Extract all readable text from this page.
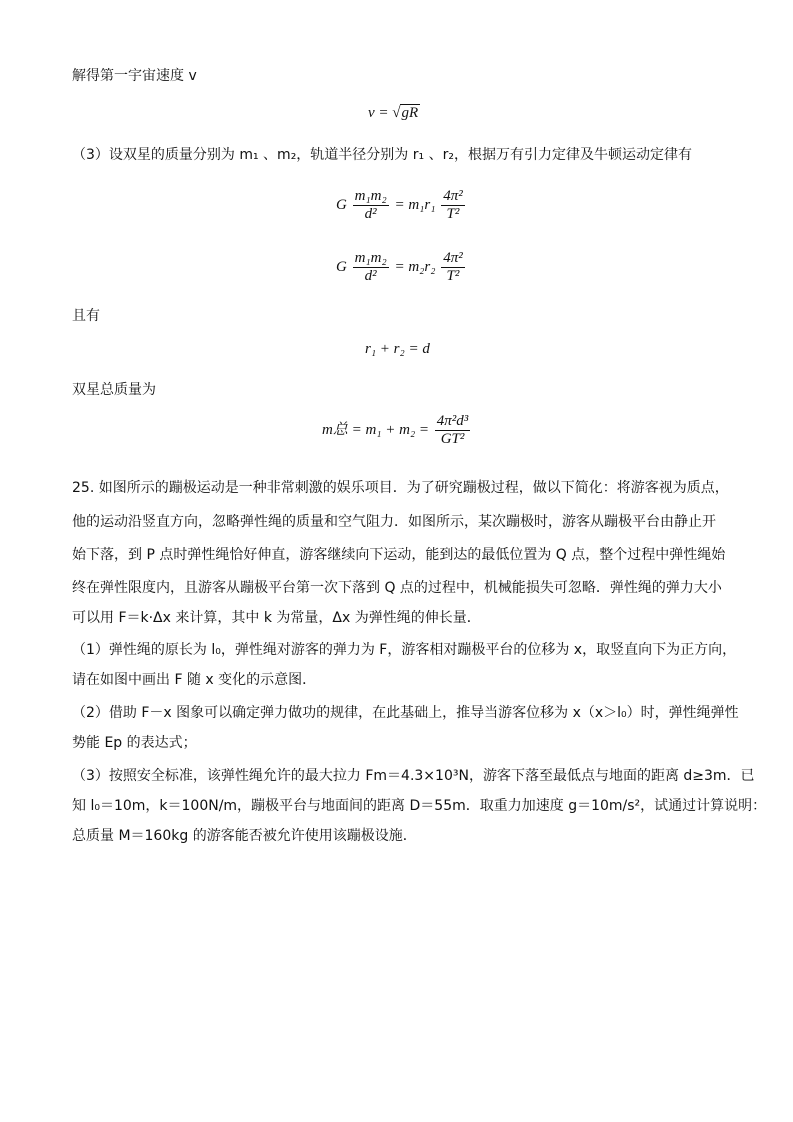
解得第一宇宙速度 v
v = √gR
（3）设双星的质量分别为 m₁ 、m₂，轨道半径分别为 r₁ 、r₂，根据万有引力定律及牛顿运动定律有
G $\frac{\text{m₁m₂}}{\text{d²}} = m_1r_1 \frac{\text{4π²}}{\text{T²}}$
G $\frac{\text{m₁m₂}}{\text{d²}} = m_2r_2 \frac{\text{4π²}}{\text{T²}}$
且有
r₁ + r₂ = d
双星总质量为
m总 = $m_1 + m_2 = \frac{\text{4π²d³}}{\text{GT²}}$
25. 如图所示的蹦极运动是一种非常刺激的娱乐项目．为了研究蹦极过程，做以下简化：将游客视为质点，
他的运动沿竖直方向，忽略弹性绳的质量和空气阻力．如图所示，某次蹦极时，游客从蹦极平台由静止开
始下落，到 P 点时弹性绳恰好伸直，游客继续向下运动，能到达的最低位置为 Q 点，整个过程中弹性绳始
终在弹性限度内，且游客从蹦极平台第一次下落到 Q 点的过程中，机械能损失可忽略．弹性绳的弹力大小
可以用 F＝k·Δx 来计算，其中 k 为常量，Δx 为弹性绳的伸长量．
（1）弹性绳的原长为 l₀，弹性绳对游客的弹力为 F，游客相对蹦极平台的位移为 x，取竖直向下为正方向，
请在如图中画出 F 随 x 变化的示意图．
（2）借助 F－x 图象可以确定弹力做功的规律，在此基础上，推导当游客位移为 x（x＞l₀）时，弹性绳弹性
势能 Ep 的表达式；
（3）按照安全标准，该弹性绳允许的最大拉力 Fm＝4.3×10³N，游客下落至最低点与地面的距离 d≥3m．已
知 l₀＝10m，k＝100N/m，蹦极平台与地面间的距离 D＝55m．取重力加速度 g＝10m/s²，试通过计算说明：
总质量 M＝160kg 的游客能否被允许使用该蹦极设施．
